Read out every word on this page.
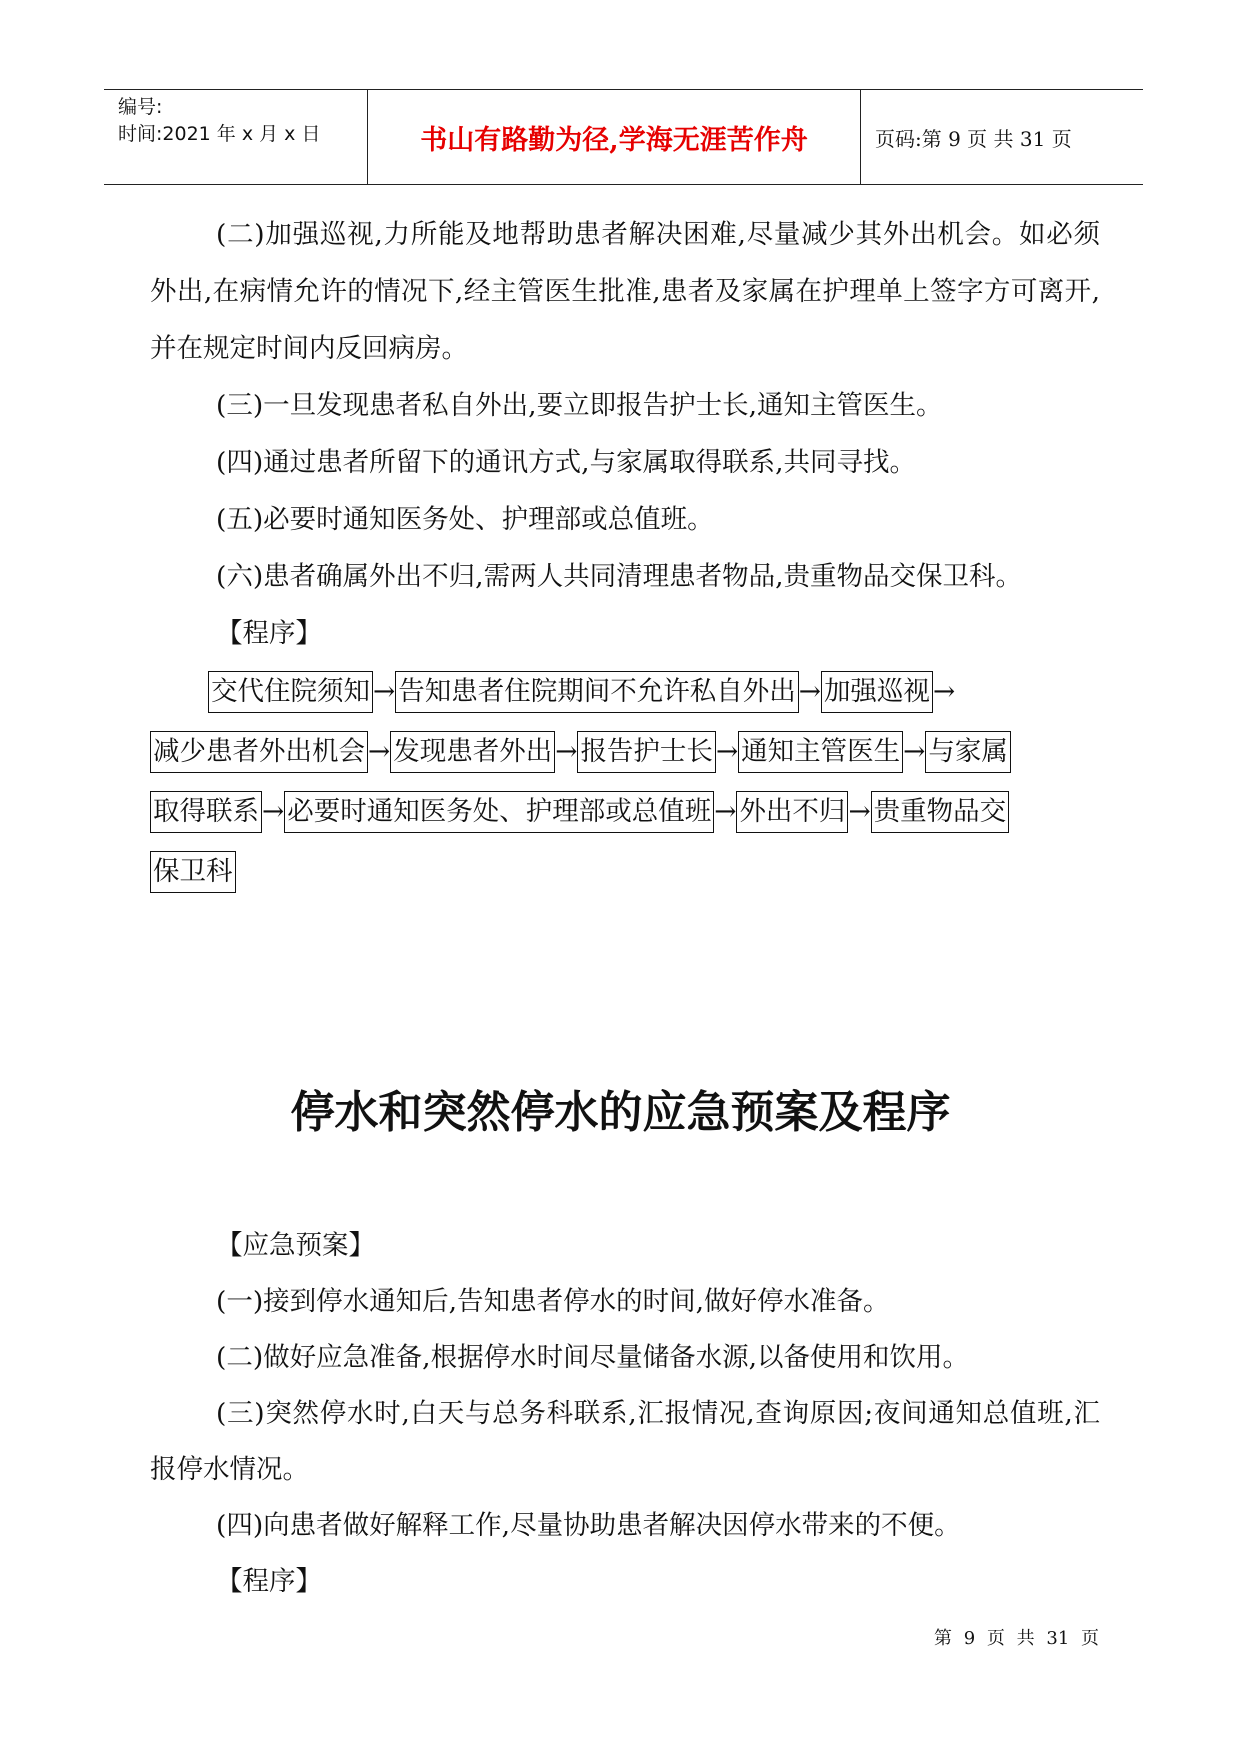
编号:
时间:2021 年 x 月 x 日	书山有路勤为径,学海无涯苦作舟	页码:第 9 页 共 31 页

(二)加强巡视,力所能及地帮助患者解决困难,尽量减少其外出机会。如必须外出,在病情允许的情况下,经主管医生批准,患者及家属在护理单上签字方可离开,并在规定时间内反回病房。

(三)一旦发现患者私自外出,要立即报告护士长,通知主管医生。

(四)通过患者所留下的通讯方式,与家属取得联系,共同寻找。

(五)必要时通知医务处、护理部或总值班。

(六)患者确属外出不归,需两人共同清理患者物品,贵重物品交保卫科。

【程序】

交代住院须知 → 告知患者住院期间不允许私自外出 → 加强巡视 →
减少患者外出机会 → 发现患者外出 → 报告护士长 → 通知主管医生 → 与家属
取得联系 → 必要时通知医务处、护理部或总值班 → 外出不归 → 贵重物品交
保卫科
停水和突然停水的应急预案及程序

【应急预案】

(一)接到停水通知后,告知患者停水的时间,做好停水准备。

(二)做好应急准备,根据停水时间尽量储备水源,以备使用和饮用。

(三)突然停水时,白天与总务科联系,汇报情况,查询原因;夜间通知总值班,汇报停水情况。

(四)向患者做好解释工作,尽量协助患者解决因停水带来的不便。

【程序】

第 9 页 共 31 页
